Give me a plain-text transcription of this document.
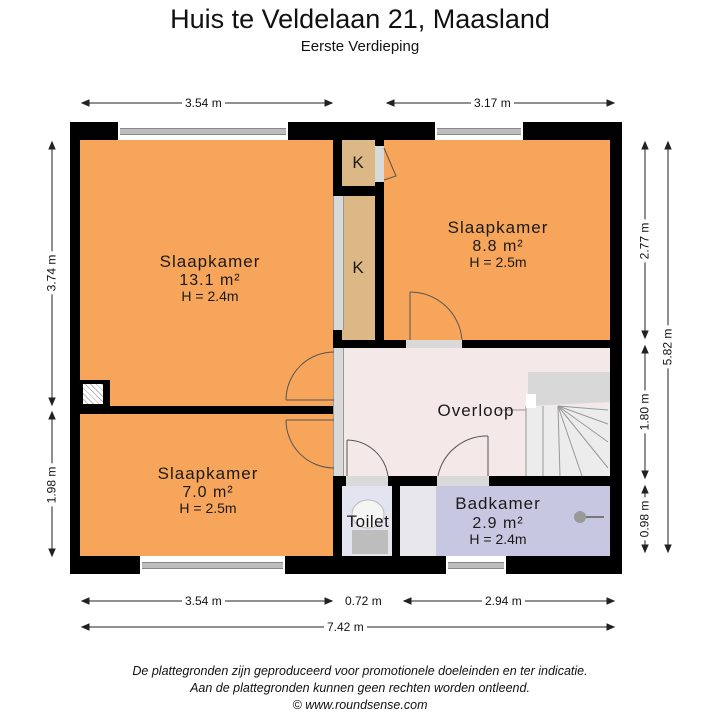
Huis te Veldelaan 21, Maasland
Eerste Verdieping
Slaapkamer
13.1 m²
H = 2.4m
Slaapkamer
8.8 m²
H = 2.5m
Slaapkamer
7.0 m²
H = 2.5m
Overloop
Badkamer
2.9 m²
H = 2.4m
Toilet
K
K
3.54 m	3.17 m
3.54 m	0.72 m	2.94 m
7.42 m
3.74 m
1.98 m
2.77 m
1.80 m
0.98 m
5.82 m
De plattegronden zijn geproduceerd voor promotionele doeleinden en ter indicatie.
Aan de plattegronden kunnen geen rechten worden ontleend.
© www.roundsense.com
